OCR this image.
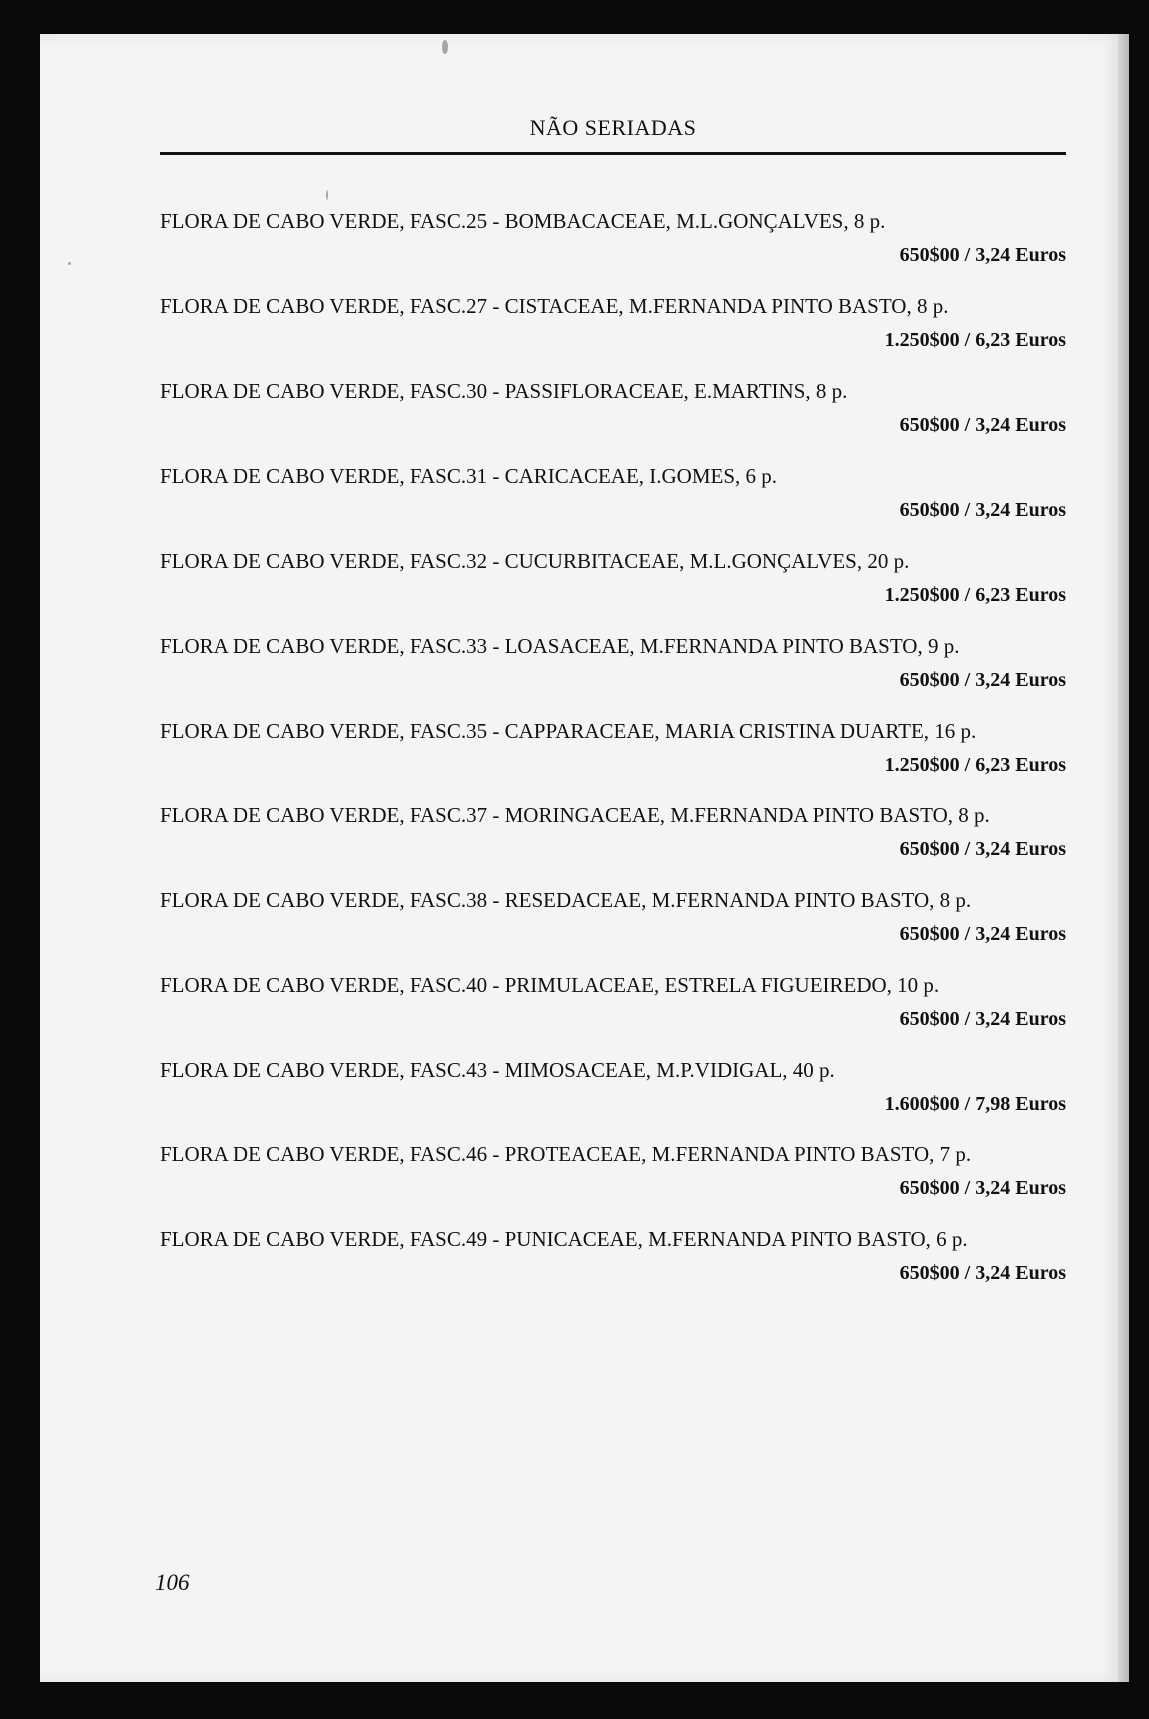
NÃO SERIADAS
FLORA DE CABO VERDE, FASC.25 - BOMBACACEAE, M.L.GONÇALVES, 8 p.
650$00 / 3,24 Euros
FLORA DE CABO VERDE, FASC.27 - CISTACEAE, M.FERNANDA PINTO BASTO, 8 p.
1.250$00 / 6,23 Euros
FLORA DE CABO VERDE, FASC.30 - PASSIFLORACEAE, E.MARTINS, 8 p.
650$00 / 3,24 Euros
FLORA DE CABO VERDE, FASC.31 - CARICACEAE, I.GOMES, 6 p.
650$00 / 3,24 Euros
FLORA DE CABO VERDE, FASC.32 - CUCURBITACEAE, M.L.GONÇALVES, 20 p.
1.250$00 / 6,23 Euros
FLORA DE CABO VERDE, FASC.33 - LOASACEAE, M.FERNANDA PINTO BASTO, 9 p.
650$00 / 3,24 Euros
FLORA DE CABO VERDE, FASC.35 - CAPPARACEAE, MARIA CRISTINA DUARTE, 16 p.
1.250$00 / 6,23 Euros
FLORA DE CABO VERDE, FASC.37 - MORINGACEAE, M.FERNANDA PINTO BASTO, 8 p.
650$00 / 3,24 Euros
FLORA DE CABO VERDE, FASC.38 - RESEDACEAE, M.FERNANDA PINTO BASTO, 8 p.
650$00 / 3,24 Euros
FLORA DE CABO VERDE, FASC.40 - PRIMULACEAE, ESTRELA FIGUEIREDO, 10 p.
650$00 / 3,24 Euros
FLORA DE CABO VERDE, FASC.43 - MIMOSACEAE, M.P.VIDIGAL, 40 p.
1.600$00 / 7,98 Euros
FLORA DE CABO VERDE, FASC.46 - PROTEACEAE, M.FERNANDA PINTO BASTO, 7 p.
650$00 / 3,24 Euros
FLORA DE CABO VERDE, FASC.49 - PUNICACEAE, M.FERNANDA PINTO BASTO, 6 p.
650$00 / 3,24 Euros
106
